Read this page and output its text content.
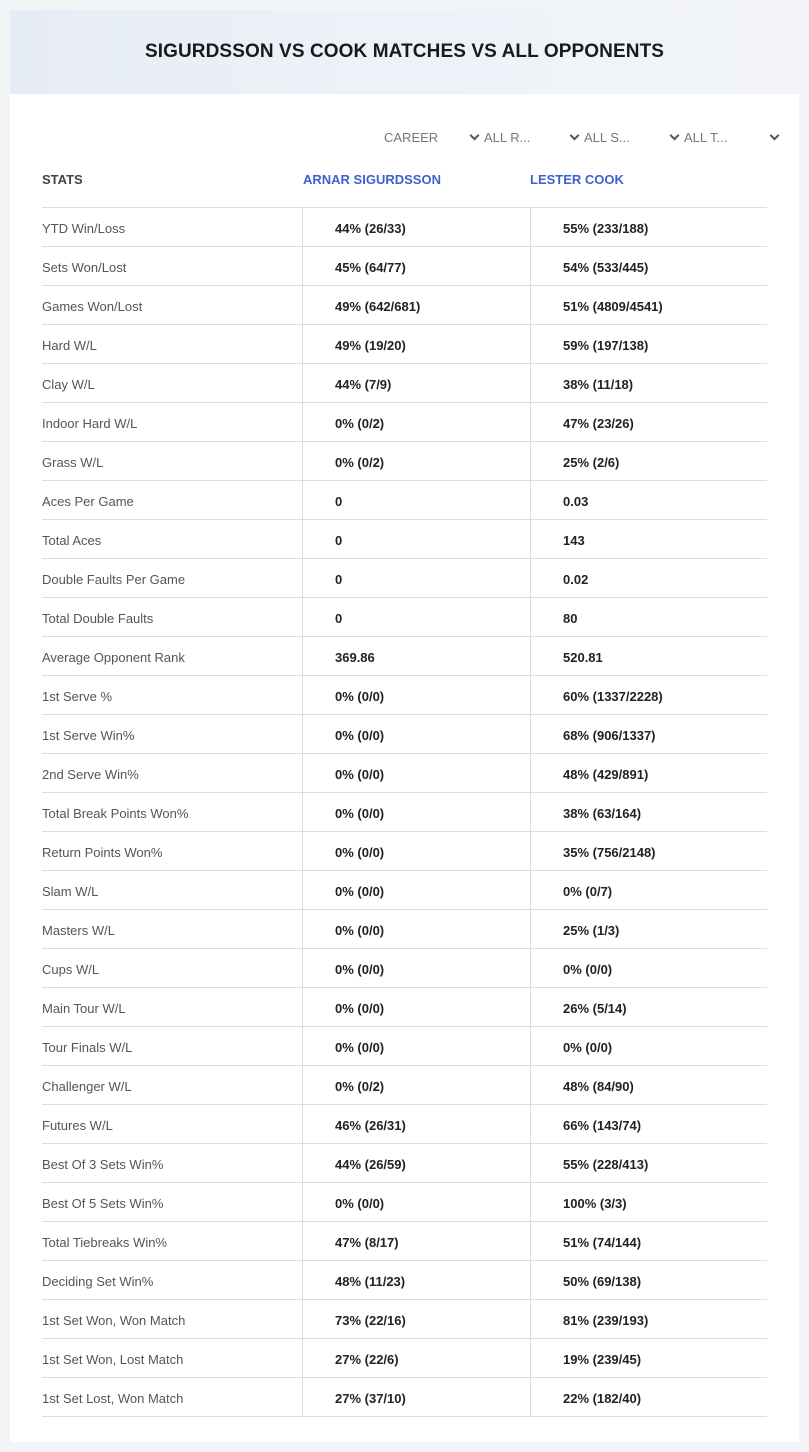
SIGURDSSON VS COOK MATCHES VS ALL OPPONENTS
CAREER	ALL R...	ALL S...	ALL T...
STATS	ARNAR SIGURDSSON	LESTER COOK
YTD Win/Loss	44% (26/33)	55% (233/188)
Sets Won/Lost	45% (64/77)	54% (533/445)
Games Won/Lost	49% (642/681)	51% (4809/4541)
Hard W/L	49% (19/20)	59% (197/138)
Clay W/L	44% (7/9)	38% (11/18)
Indoor Hard W/L	0% (0/2)	47% (23/26)
Grass W/L	0% (0/2)	25% (2/6)
Aces Per Game	0	0.03
Total Aces	0	143
Double Faults Per Game	0	0.02
Total Double Faults	0	80
Average Opponent Rank	369.86	520.81
1st Serve %	0% (0/0)	60% (1337/2228)
1st Serve Win%	0% (0/0)	68% (906/1337)
2nd Serve Win%	0% (0/0)	48% (429/891)
Total Break Points Won%	0% (0/0)	38% (63/164)
Return Points Won%	0% (0/0)	35% (756/2148)
Slam W/L	0% (0/0)	0% (0/7)
Masters W/L	0% (0/0)	25% (1/3)
Cups W/L	0% (0/0)	0% (0/0)
Main Tour W/L	0% (0/0)	26% (5/14)
Tour Finals W/L	0% (0/0)	0% (0/0)
Challenger W/L	0% (0/2)	48% (84/90)
Futures W/L	46% (26/31)	66% (143/74)
Best Of 3 Sets Win%	44% (26/59)	55% (228/413)
Best Of 5 Sets Win%	0% (0/0)	100% (3/3)
Total Tiebreaks Win%	47% (8/17)	51% (74/144)
Deciding Set Win%	48% (11/23)	50% (69/138)
1st Set Won, Won Match	73% (22/16)	81% (239/193)
1st Set Won, Lost Match	27% (22/6)	19% (239/45)
1st Set Lost, Won Match	27% (37/10)	22% (182/40)
